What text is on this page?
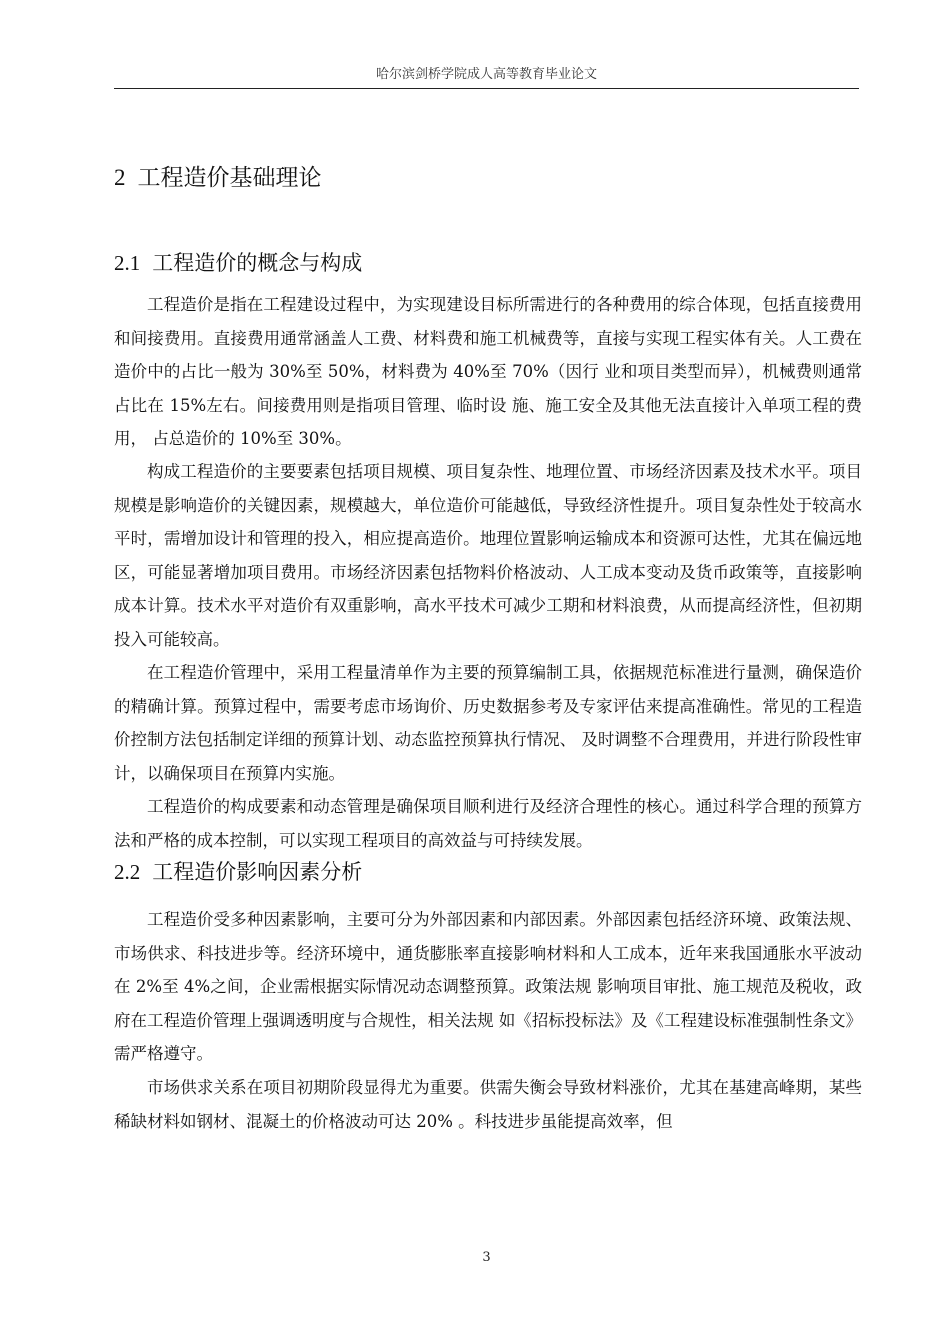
哈尔滨剑桥学院成人高等教育毕业论文
2 工程造价基础理论
2.1 工程造价的概念与构成

工程造价是指在工程建设过程中，为实现建设目标所需进行的各种费用的综合体现，包括直接费用和间接费用。直接费用通常涵盖人工费、材料费和施工机械费等，直接与实现工程实体有关。人工费在造价中的占比一般为 30%至 50%，材料费为 40%至 70%（因行 业和项目类型而异），机械费则通常占比在 15%左右。间接费用则是指项目管理、临时设 施、施工安全及其他无法直接计入单项工程的费用， 占总造价的 10%至 30%。

构成工程造价的主要要素包括项目规模、项目复杂性、地理位置、市场经济因素及技术水平。项目规模是影响造价的关键因素，规模越大，单位造价可能越低，导致经济性提升。项目复杂性处于较高水平时，需增加设计和管理的投入，相应提高造价。地理位置影响运输成本和资源可达性，尤其在偏远地区，可能显著增加项目费用。市场经济因素包括物料价格波动、人工成本变动及货币政策等，直接影响成本计算。技术水平对造价有双重影响，高水平技术可减少工期和材料浪费，从而提高经济性，但初期投入可能较高。

在工程造价管理中，采用工程量清单作为主要的预算编制工具，依据规范标准进行量测，确保造价的精确计算。预算过程中，需要考虑市场询价、历史数据参考及专家评估来提高准确性。常见的工程造价控制方法包括制定详细的预算计划、动态监控预算执行情况、 及时调整不合理费用，并进行阶段性审计，以确保项目在预算内实施。

工程造价的构成要素和动态管理是确保项目顺利进行及经济合理性的核心。通过科学合理的预算方法和严格的成本控制，可以实现工程项目的高效益与可持续发展。

2.2 工程造价影响因素分析

工程造价受多种因素影响，主要可分为外部因素和内部因素。外部因素包括经济环境、政策法规、市场供求、科技进步等。经济环境中，通货膨胀率直接影响材料和人工成本，近年来我国通胀水平波动在 2%至 4%之间，企业需根据实际情况动态调整预算。政策法规 影响项目审批、施工规范及税收，政府在工程造价管理上强调透明度与合规性，相关法规 如《招标投标法》及《工程建设标准强制性条文》需严格遵守。

市场供求关系在项目初期阶段显得尤为重要。供需失衡会导致材料涨价，尤其在基建高峰期，某些稀缺材料如钢材、混凝土的价格波动可达 20% 。科技进步虽能提高效率，但

3
